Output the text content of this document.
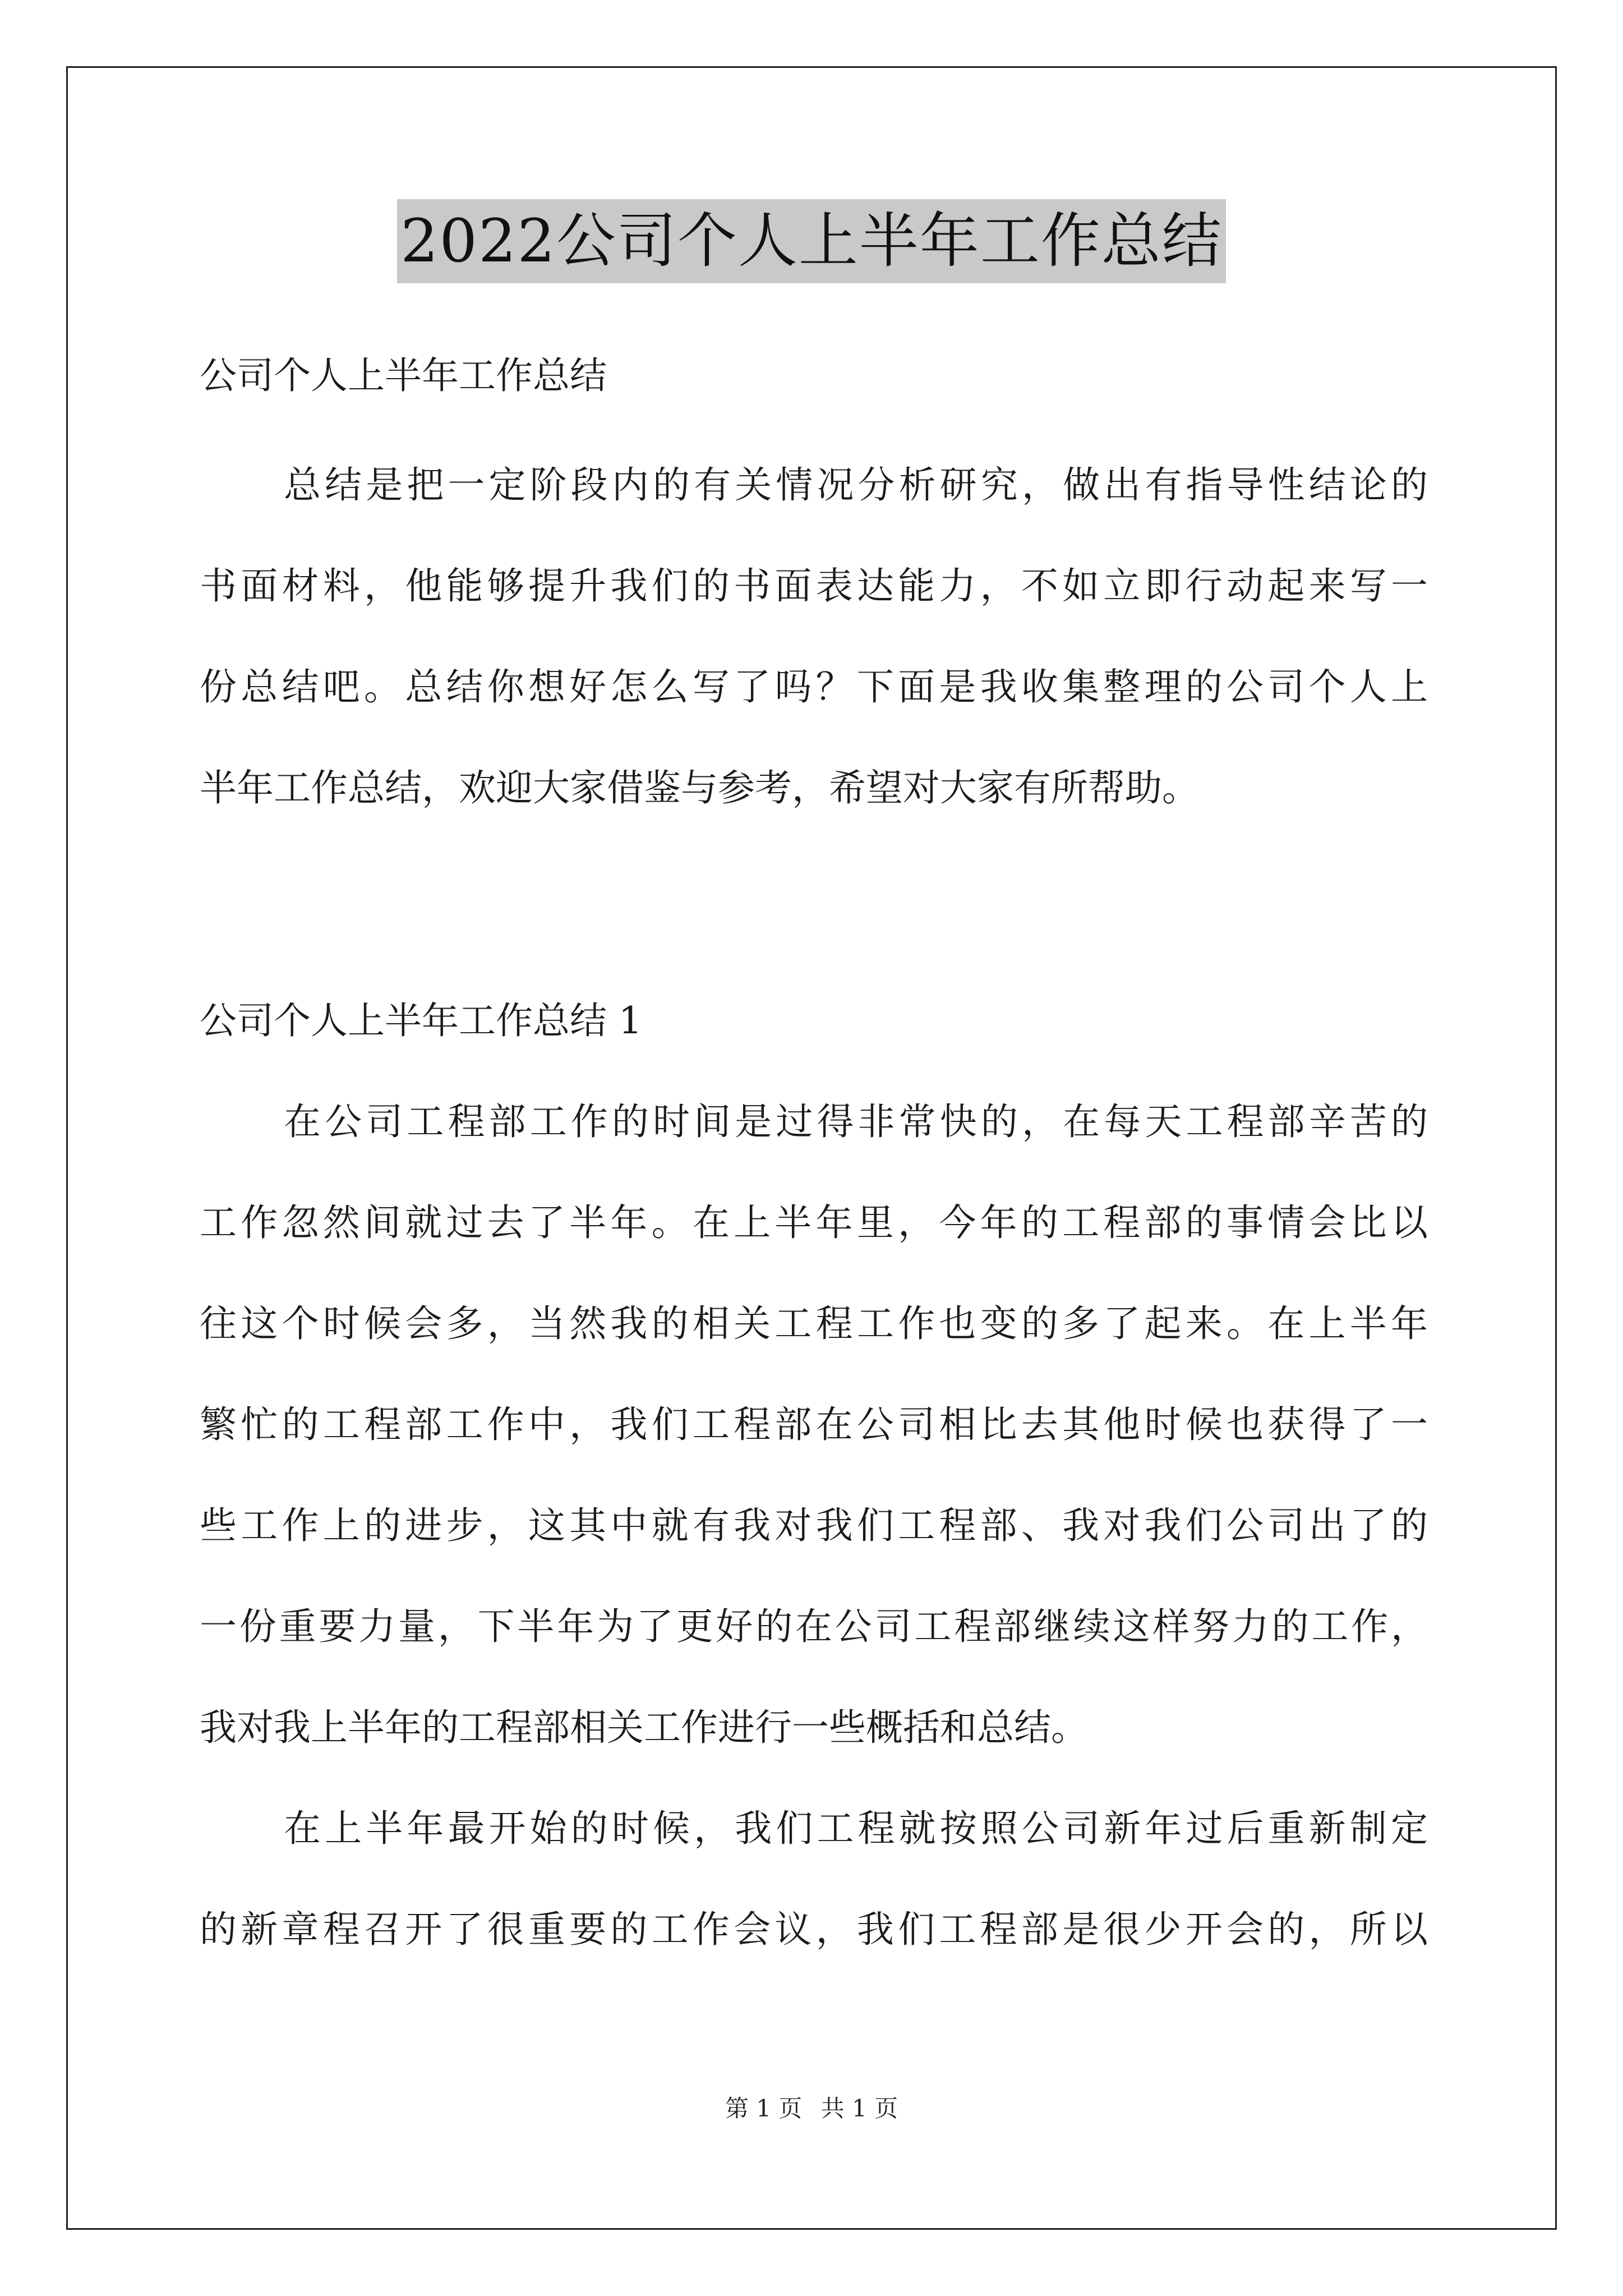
2022公司个人上半年工作总结
公司个人上半年工作总结
总结是把一定阶段内的有关情况分析研究，做出有指导性结论的
书面材料，他能够提升我们的书面表达能力，不如立即行动起来写一
份总结吧。总结你想好怎么写了吗？下面是我收集整理的公司个人上
半年工作总结，欢迎大家借鉴与参考，希望对大家有所帮助。
公司个人上半年工作总结 1
在公司工程部工作的时间是过得非常快的，在每天工程部辛苦的
工作忽然间就过去了半年。在上半年里，今年的工程部的事情会比以
往这个时候会多，当然我的相关工程工作也变的多了起来。在上半年
繁忙的工程部工作中，我们工程部在公司相比去其他时候也获得了一
些工作上的进步，这其中就有我对我们工程部、我对我们公司出了的
一份重要力量，下半年为了更好的在公司工程部继续这样努力的工作，
我对我上半年的工程部相关工作进行一些概括和总结。
在上半年最开始的时候，我们工程就按照公司新年过后重新制定
的新章程召开了很重要的工作会议，我们工程部是很少开会的，所以
第 1 页 共 1 页
